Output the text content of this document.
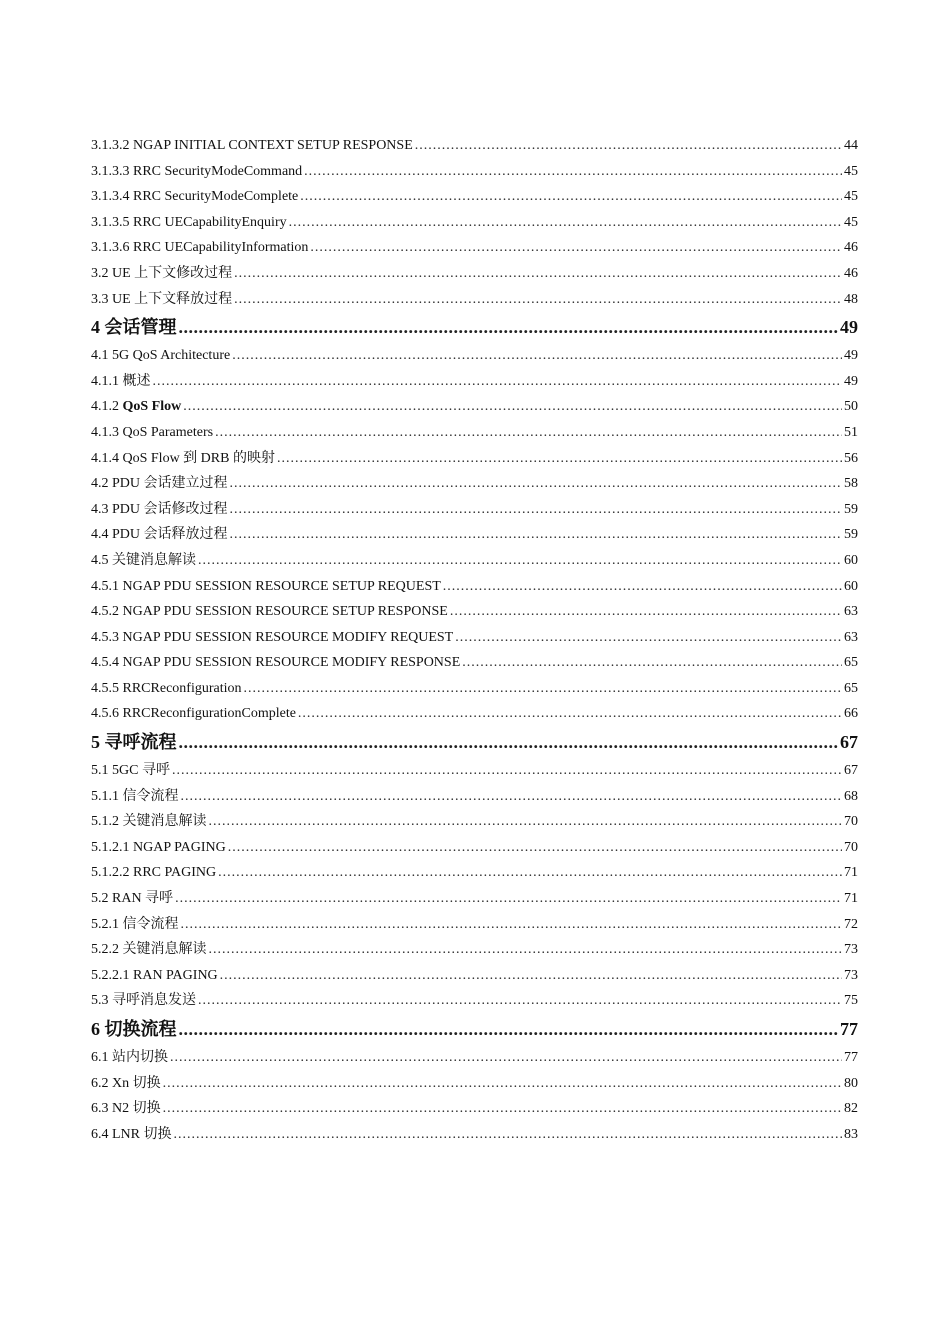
3.1.3.2 NGAP INITIAL CONTEXT SETUP RESPONSE .....	44
3.1.3.3 RRC SecurityModeCommand .....	45
3.1.3.4 RRC SecurityModeComplete .....	45
3.1.3.5 RRC UECapabilityEnquiry .....	45
3.1.3.6 RRC UECapabilityInformation .....	46
3.2 UE 上下文修改过程 .....	46
3.3 UE 上下文释放过程 .....	48
4 会话管理 .....	49
4.1 5G QoS Architecture .....	49
4.1.1 概述 .....	49
4.1.2 QoS Flow .....	50
4.1.3 QoS Parameters .....	51
4.1.4 QoS Flow 到 DRB 的映射 .....	56
4.2 PDU 会话建立过程 .....	58
4.3 PDU 会话修改过程 .....	59
4.4 PDU 会话释放过程 .....	59
4.5 关键消息解读 .....	60
4.5.1 NGAP PDU SESSION RESOURCE SETUP REQUEST .....	60
4.5.2 NGAP PDU SESSION RESOURCE SETUP RESPONSE .....	63
4.5.3 NGAP PDU SESSION RESOURCE MODIFY REQUEST .....	63
4.5.4 NGAP PDU SESSION RESOURCE MODIFY RESPONSE .....	65
4.5.5 RRCReconfiguration .....	65
4.5.6 RRCReconfigurationComplete .....	66
5 寻呼流程 .....	67
5.1 5GC 寻呼 .....	67
5.1.1 信令流程 .....	68
5.1.2 关键消息解读 .....	70
5.1.2.1 NGAP PAGING .....	70
5.1.2.2 RRC PAGING .....	71
5.2 RAN 寻呼 .....	71
5.2.1 信令流程 .....	72
5.2.2 关键消息解读 .....	73
5.2.2.1 RAN PAGING .....	73
5.3 寻呼消息发送 .....	75
6 切换流程 .....	77
6.1 站内切换 .....	77
6.2 Xn 切换 .....	80
6.3 N2 切换 .....	82
6.4 LNR 切换 .....	83
